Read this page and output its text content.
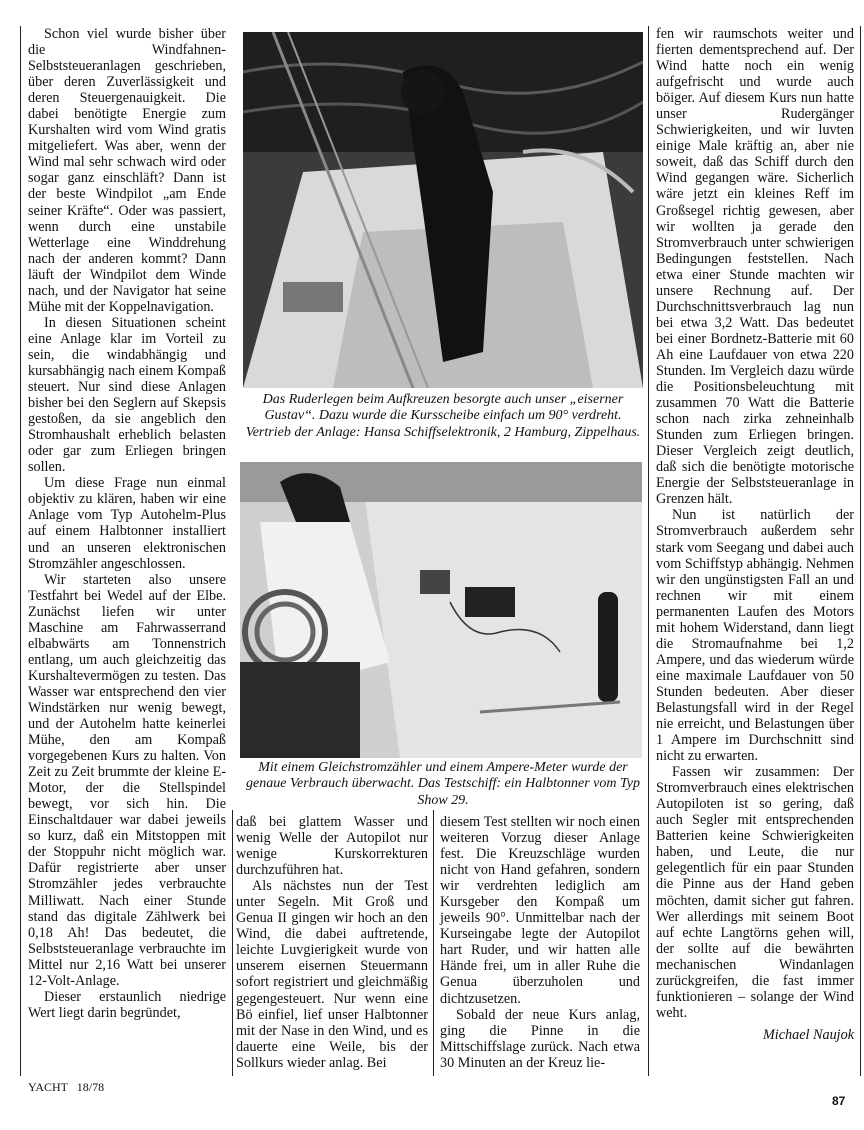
Schon viel wurde bisher über die Windfahnen-Selbststeueranlagen geschrieben, über deren Zuverlässigkeit und deren Steuergenauigkeit. Die dabei benötigte Energie zum Kurshalten wird vom Wind gratis mitgeliefert. Was aber, wenn der Wind mal sehr schwach wird oder sogar ganz einschläft? Dann ist der beste Windpilot „am Ende seiner Kräfte“. Oder was passiert, wenn durch eine unstabile Wetterlage eine Winddrehung nach der anderen kommt? Dann läuft der Windpilot dem Winde nach, und der Navigator hat seine Mühe mit der Koppelnavigation.

In diesen Situationen scheint eine Anlage klar im Vorteil zu sein, die windabhängig und kursabhängig nach einem Kompaß steuert. Nur sind diese Anlagen bisher bei den Seglern auf Skepsis gestoßen, da sie angeblich den Stromhaushalt erheblich belasten oder gar zum Erliegen bringen sollen.

Um diese Frage nun einmal objektiv zu klären, haben wir eine Anlage vom Typ Autohelm-Plus auf einem Halbtonner installiert und an unseren elektronischen Stromzähler angeschlossen.

Wir starteten also unsere Testfahrt bei Wedel auf der Elbe. Zunächst liefen wir unter Maschine am Fahrwasserrand elbabwärts am Tonnenstrich entlang, um auch gleichzeitig das Kurshaltevermögen zu testen. Das Wasser war entsprechend den vier Windstärken nur wenig bewegt, und der Autohelm hatte keinerlei Mühe, den am Kompaß vorgegebenen Kurs zu halten. Von Zeit zu Zeit brummte der kleine E-Motor, der die Stellspindel bewegt, vor sich hin. Die Einschaltdauer war dabei jeweils so kurz, daß ein Mitstoppen mit der Stoppuhr nicht möglich war. Dafür registrierte aber unser Stromzähler jedes verbrauchte Milliwatt. Nach einer Stunde stand das digitale Zählwerk bei 0,18 Ah! Das bedeutet, die Selbststeueranlage verbrauchte im Mittel nur 2,16 Watt bei unserer 12-Volt-Anlage.

Dieser erstaunlich niedrige Wert liegt darin begründet,

Das Ruderlegen beim Aufkreuzen besorgte auch unser „eiserner Gustav“. Dazu wurde die Kursscheibe einfach um 90° verdreht. Vertrieb der Anlage: Hansa Schiffselektronik, 2 Hamburg, Zippelhaus.
Mit einem Gleichstromzähler und einem Ampere-Meter wurde der genaue Verbrauch überwacht. Das Testschiff: ein Halbtonner vom Typ Show 29.

daß bei glattem Wasser und wenig Welle der Autopilot nur wenige Kurskorrekturen durchzuführen hat.

Als nächstes nun der Test unter Segeln. Mit Groß und Genua II gingen wir hoch an den Wind, die dabei auftretende, leichte Luvgierigkeit wurde von unserem eisernen Steuermann sofort registriert und gleichmäßig gegengesteuert. Nur wenn eine Bö einfiel, lief unser Halbtonner mit der Nase in den Wind, und es dauerte eine Weile, bis der Sollkurs wieder anlag. Bei

diesem Test stellten wir noch einen weiteren Vorzug dieser Anlage fest. Die Kreuzschläge wurden nicht von Hand gefahren, sondern wir verdrehten lediglich am Kursgeber den Kompaß um jeweils 90°. Unmittelbar nach der Kurseingabe legte der Autopilot hart Ruder, und wir hatten alle Hände frei, um in aller Ruhe die Genua überzuholen und dichtzusetzen.

Sobald der neue Kurs anlag, ging die Pinne in die Mittschiffslage zurück. Nach etwa 30 Minuten an der Kreuz lie-

fen wir raumschots weiter und fierten dementsprechend auf. Der Wind hatte noch ein wenig aufgefrischt und wurde auch böiger. Auf diesem Kurs nun hatte unser Rudergänger Schwierigkeiten, und wir luvten einige Male kräftig an, aber nie soweit, daß das Schiff durch den Wind gegangen wäre. Sicherlich wäre jetzt ein kleines Reff im Großsegel richtig gewesen, aber wir wollten ja gerade den Stromverbrauch unter schwierigen Bedingungen feststellen. Nach etwa einer Stunde machten wir unsere Rechnung auf. Der Durchschnittsverbrauch lag nun bei etwa 3,2 Watt. Das bedeutet bei einer Bordnetz-Batterie mit 60 Ah eine Laufdauer von etwa 220 Stunden. Im Vergleich dazu würde die Positionsbeleuchtung mit zusammen 70 Watt die Batterie schon nach zirka zehneinhalb Stunden zum Erliegen bringen. Dieser Vergleich zeigt deutlich, daß sich die benötigte motorische Energie der Selbststeueranlage in Grenzen hält.

Nun ist natürlich der Stromverbrauch außerdem sehr stark vom Seegang und dabei auch vom Schiffstyp abhängig. Nehmen wir den ungünstigsten Fall an und rechnen wir mit einem permanenten Laufen des Motors mit hohem Widerstand, dann liegt die Stromaufnahme bei 1,2 Ampere, und das wiederum würde eine maximale Laufdauer von 50 Stunden bedeuten. Aber dieser Belastungsfall wird in der Regel nie erreicht, und Belastungen über 1 Ampere im Durchschnitt sind nicht zu erwarten.

Fassen wir zusammen: Der Stromverbrauch eines elektrischen Autopiloten ist so gering, daß auch Segler mit entsprechenden Batterien keine Schwierigkeiten haben, und Leute, die nur gelegentlich für ein paar Stunden die Pinne aus der Hand geben möchten, damit sicher gut fahren. Wer allerdings mit seinem Boot auf echte Langtörns gehen will, der sollte auf die bewährten mechanischen Windanlagen zurückgreifen, die fast immer funktionieren – solange der Wind weht.

Michael Naujok

YACHT 18/78
87
